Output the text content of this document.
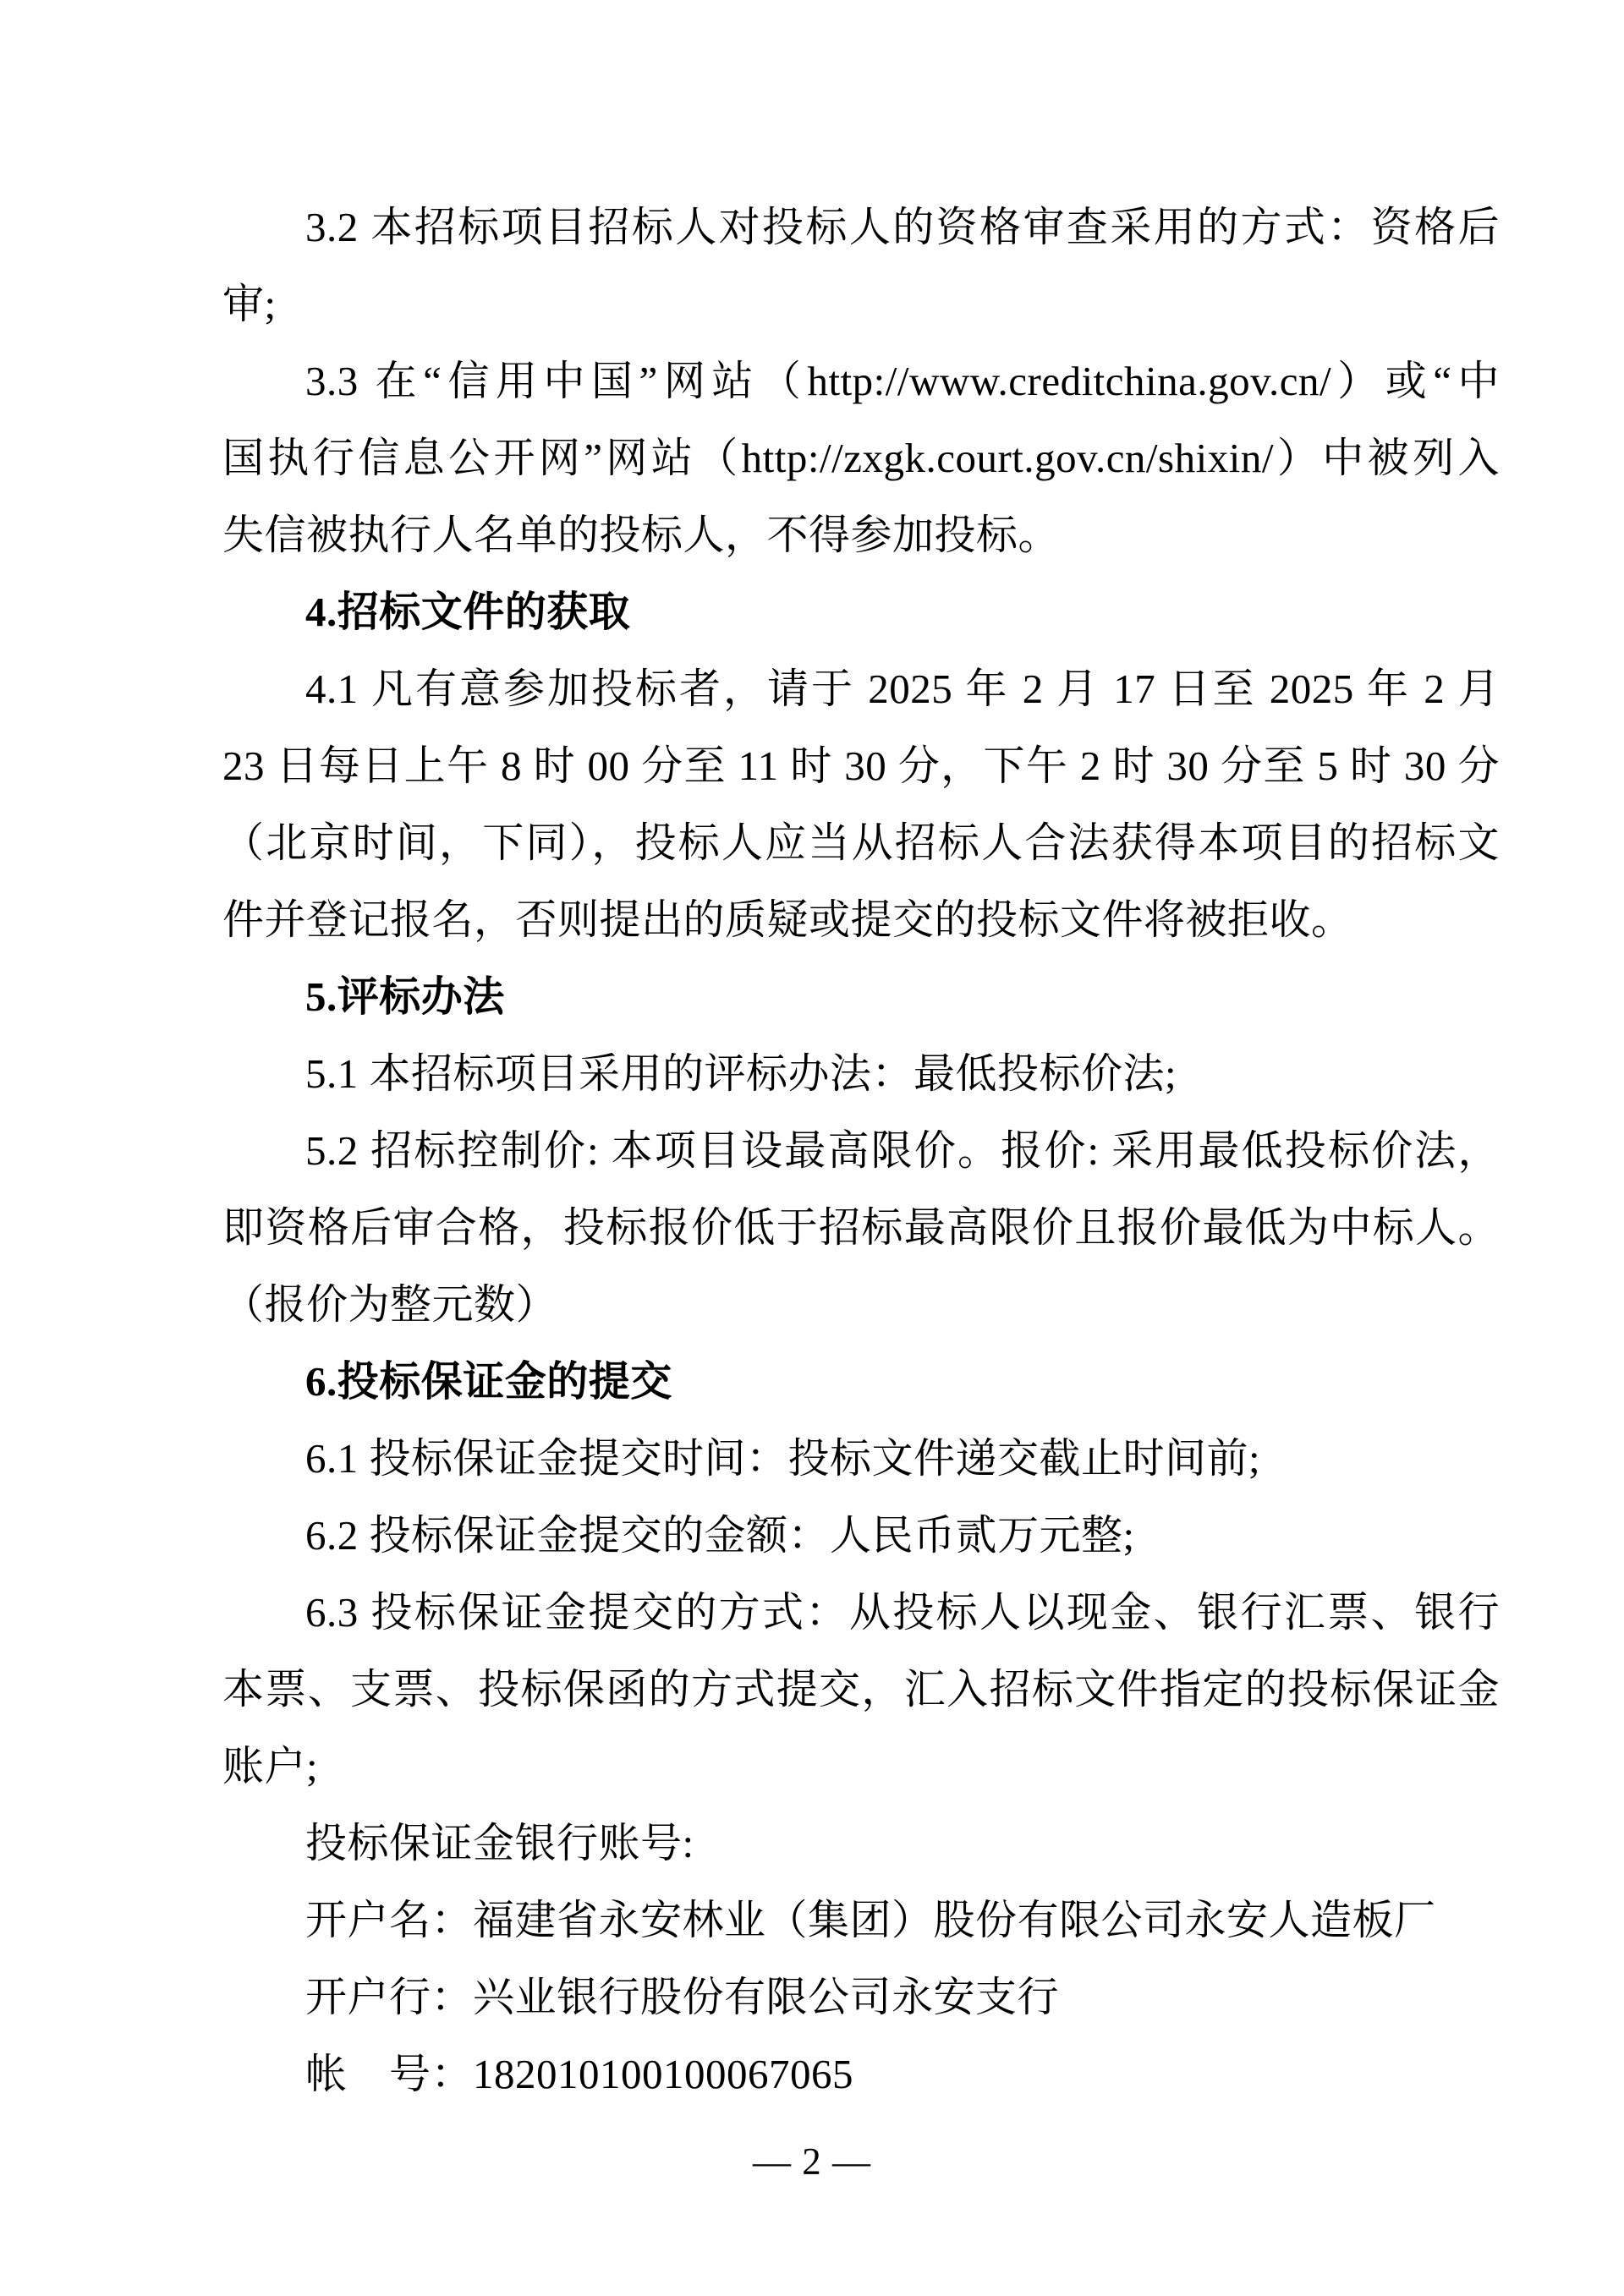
3.2 本招标项目招标人对投标人的资格审查采用的方式：资格后
审;
3.3 在“信用中国”网站（http://www.creditchina.gov.cn/）或“中
国执行信息公开网”网站（http://zxgk.court.gov.cn/shixin/）中被列入
失信被执行人名单的投标人，不得参加投标。
4.招标文件的获取
4.1 凡有意参加投标者，请于 2025 年 2 月 17 日至 2025 年 2 月
23 日每日上午 8 时 00 分至 11 时 30 分，下午 2 时 30 分至 5 时 30 分
（北京时间，下同），投标人应当从招标人合法获得本项目的招标文
件并登记报名，否则提出的质疑或提交的投标文件将被拒收。
5.评标办法
5.1 本招标项目采用的评标办法：最低投标价法;
5.2 招标控制价: 本项目设最高限价。报价: 采用最低投标价法，
即资格后审合格，投标报价低于招标最高限价且报价最低为中标人。
（报价为整元数）
6.投标保证金的提交
6.1 投标保证金提交时间：投标文件递交截止时间前;
6.2 投标保证金提交的金额：人民币贰万元整;
6.3 投标保证金提交的方式：从投标人以现金、银行汇票、银行
本票、支票、投标保函的方式提交，汇入招标文件指定的投标保证金
账户;
投标保证金银行账号:
开户名：福建省永安林业（集团）股份有限公司永安人造板厂
开户行：兴业银行股份有限公司永安支行
帐　号：182010100100067065
— 2 —
